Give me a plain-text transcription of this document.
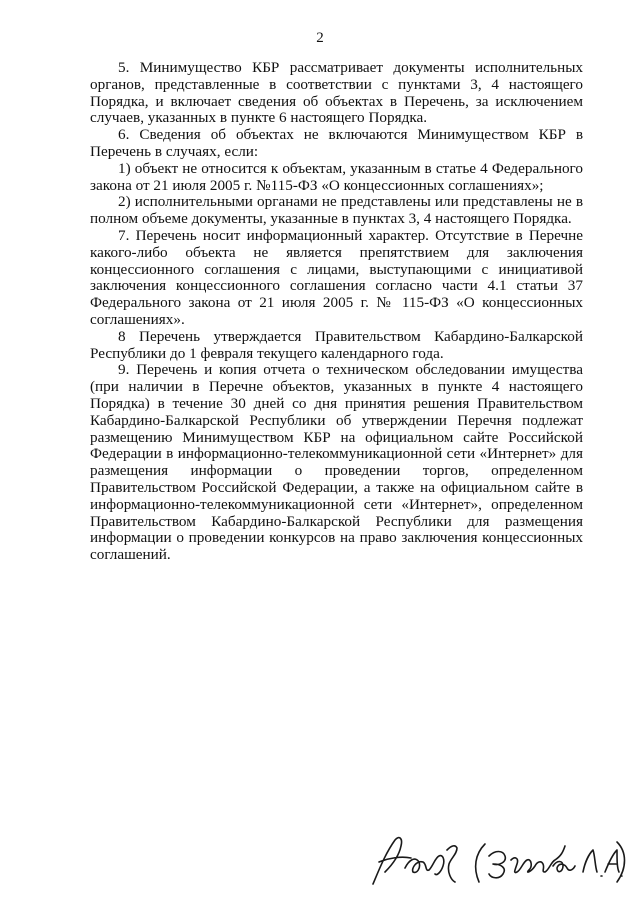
2

5. Минимущество КБР рассматривает документы исполнительных органов, представленные в соответствии с пунктами 3, 4 настоящего Порядка, и включает сведения об объектах в Перечень, за исключением случаев, указанных в пункте 6 настоящего Порядка.

6. Сведения об объектах не включаются Минимуществом КБР в Перечень в случаях, если:

1) объект не относится к объектам, указанным в статье 4 Федерального закона от 21 июля 2005 г. №115-ФЗ «О концессионных соглашениях»;

2) исполнительными органами не представлены или представлены не в полном объеме документы, указанные в пунктах 3, 4 настоящего Порядка.

7. Перечень носит информационный характер. Отсутствие в Перечне какого-либо объекта не является препятствием для заключения концессионного соглашения с лицами, выступающими с инициативой заключения концессионного соглашения согласно части 4.1 статьи 37 Федерального закона от 21 июля 2005 г. № 115-ФЗ «О концессионных соглашениях».

8 Перечень утверждается Правительством Кабардино-Балкарской Республики до 1 февраля текущего календарного года.

9. Перечень и копия отчета о техническом обследовании имущества (при наличии в Перечне объектов, указанных в пункте 4 настоящего Порядка) в течение 30 дней со дня принятия решения Правительством Кабардино-Балкарской Республики об утверждении Перечня подлежат размещению Минимуществом КБР на официальном сайте Российской Федерации в информационно-телекоммуникационной сети «Интернет» для размещения информации о проведении торгов, определенном Правительством Российской Федерации, а также на официальном сайте в информационно-телекоммуникационной сети «Интернет», определенном Правительством Кабардино-Балкарской Республики для размещения информации о проведении конкурсов на право заключения концессионных соглашений.
